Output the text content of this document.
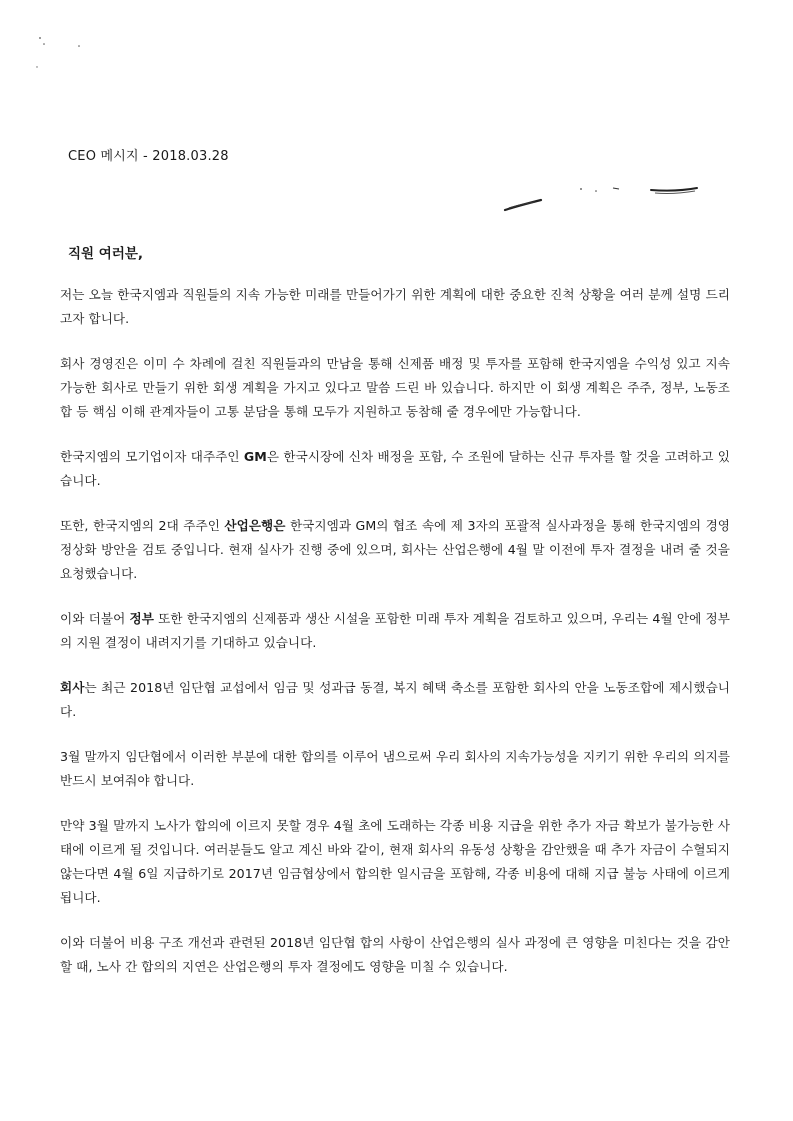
CEO 메시지 - 2018.03.28
직원 여러분,

저는 오늘 한국지엠과 직원들의 지속 가능한 미래를 만들어가기 위한 계획에 대한 중요한 진척 상황을 여러 분께 설명 드리고자 합니다.

회사 경영진은 이미 수 차례에 걸친 직원들과의 만남을 통해 신제품 배정 및 투자를 포함해 한국지엠을 수익성 있고 지속 가능한 회사로 만들기 위한 회생 계획을 가지고 있다고 말씀 드린 바 있습니다. 하지만 이 회생 계획은 주주, 정부, 노동조합 등 핵심 이해 관계자들이 고통 분담을 통해 모두가 지원하고 동참해 줄 경우에만 가능합니다.

한국지엠의 모기업이자 대주주인 GM은 한국시장에 신차 배정을 포함, 수 조원에 달하는 신규 투자를 할 것을 고려하고 있습니다.

또한, 한국지엠의 2대 주주인 산업은행은 한국지엠과 GM의 협조 속에 제 3자의 포괄적 실사과정을 통해 한국지엠의 경영 정상화 방안을 검토 중입니다. 현재 실사가 진행 중에 있으며, 회사는 산업은행에 4월 말 이전에 투자 결정을 내려 줄 것을 요청했습니다.

이와 더불어 정부 또한 한국지엠의 신제품과 생산 시설을 포함한 미래 투자 계획을 검토하고 있으며, 우리는 4월 안에 정부의 지원 결정이 내려지기를 기대하고 있습니다.

회사는 최근 2018년 임단협 교섭에서 임금 및 성과급 동결, 복지 혜택 축소를 포함한 회사의 안을 노동조합에 제시했습니다.

3월 말까지 임단협에서 이러한 부분에 대한 합의를 이루어 냄으로써 우리 회사의 지속가능성을 지키기 위한 우리의 의지를 반드시 보여줘야 합니다.

만약 3월 말까지 노사가 합의에 이르지 못할 경우 4월 초에 도래하는 각종 비용 지급을 위한 추가 자금 확보가 불가능한 사태에 이르게 될 것입니다. 여러분들도 알고 계신 바와 같이, 현재 회사의 유동성 상황을 감안했을 때 추가 자금이 수혈되지 않는다면 4월 6일 지급하기로 2017년 임금협상에서 합의한 일시금을 포함해, 각종 비용에 대해 지급 불능 사태에 이르게 됩니다.

이와 더불어 비용 구조 개선과 관련된 2018년 임단협 합의 사항이 산업은행의 실사 과정에 큰 영향을 미친다는 것을 감안할 때, 노사 간 합의의 지연은 산업은행의 투자 결정에도 영향을 미칠 수 있습니다.
